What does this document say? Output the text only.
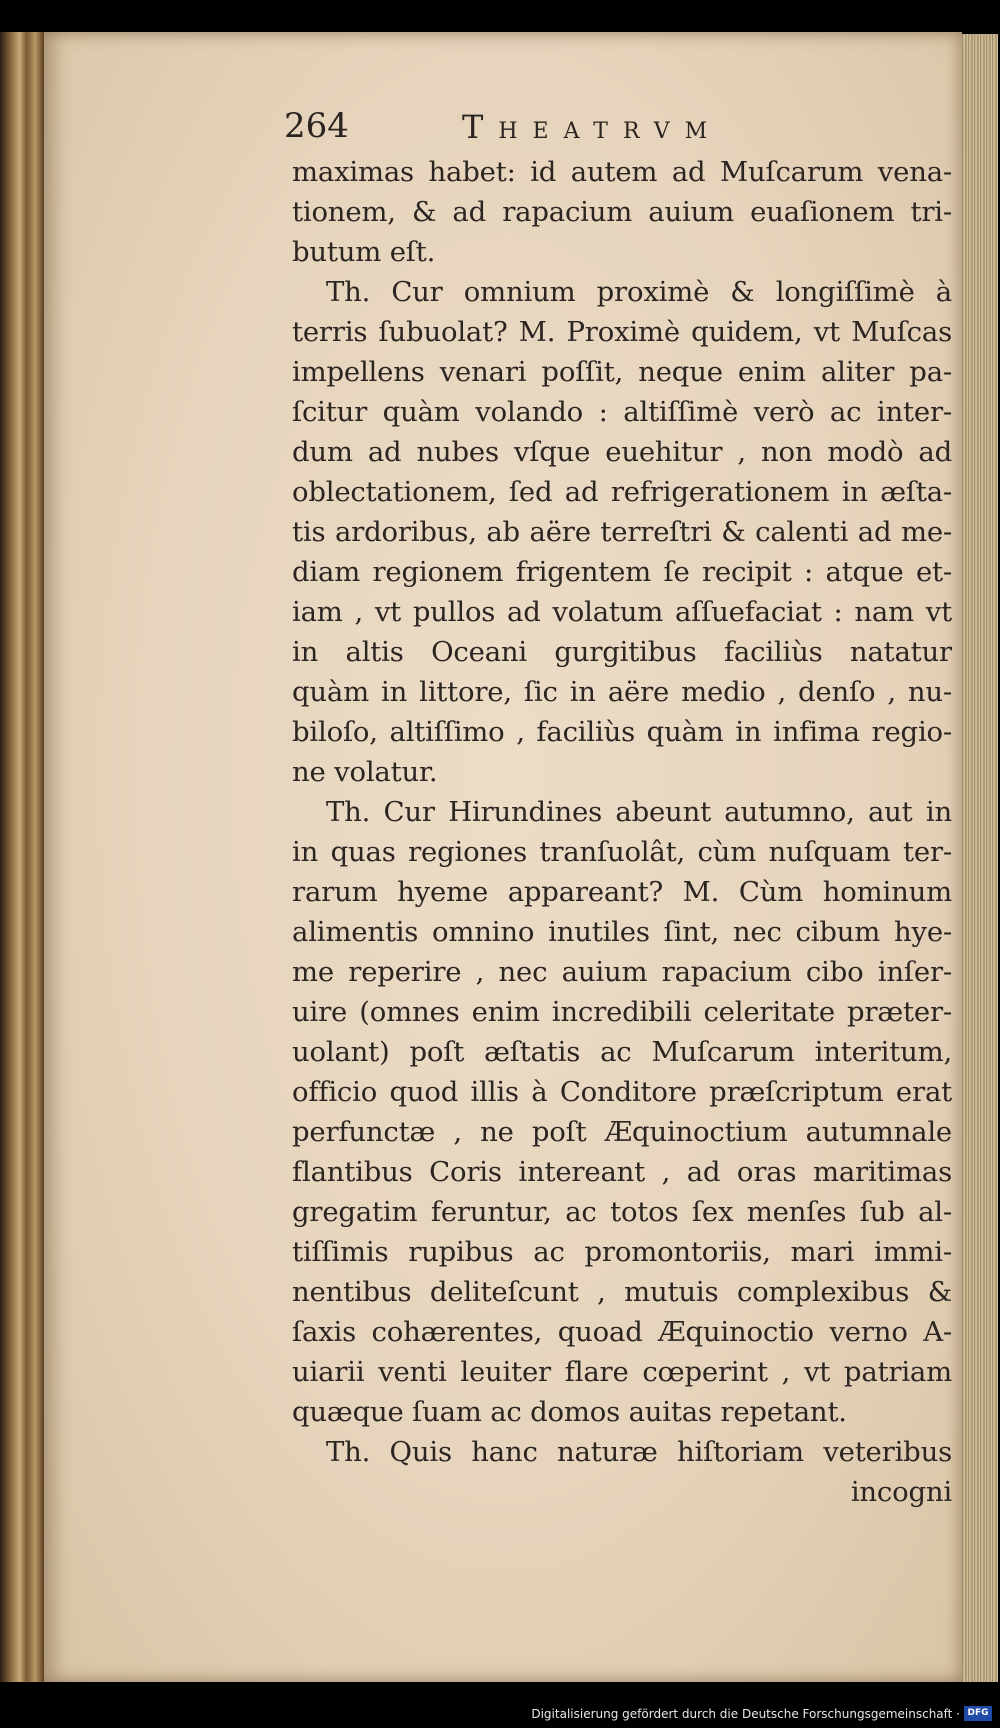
264	Theatrvm
maximas habet: id autem ad Muſcarum vena-
tionem, & ad rapacium auium euaſionem tri-
butum eſt.
Th. Cur omnium proximè & longiſſimè à
terris ſubuolat? M. Proximè quidem, vt Muſcas
impellens venari poſſit, neque enim aliter pa-
ſcitur quàm volando : altiſſimè verò ac inter-
dum ad nubes vſque euehitur , non modò ad
oblectationem, ſed ad refrigerationem in æſta-
tis ardoribus, ab aëre terreſtri & calenti ad me-
diam regionem frigentem ſe recipit : atque et-
iam , vt pullos ad volatum aſſuefaciat : nam vt
in altis Oceani gurgitibus faciliùs natatur
quàm in littore, ſic in aëre medio , denſo , nu-
biloſo, altiſſimo , faciliùs quàm in infima regio-
ne volatur.
Th. Cur Hirundines abeunt autumno, aut in
in quas regiones tranſuolât, cùm nuſquam ter-
rarum hyeme appareant? M. Cùm hominum
alimentis omnino inutiles ſint, nec cibum hye-
me reperire , nec auium rapacium cibo inſer-
uire (omnes enim incredibili celeritate præter-
uolant) poſt æſtatis ac Muſcarum interitum,
officio quod illis à Conditore præſcriptum erat
perfunctæ , ne poſt Æquinoctium autumnale
flantibus Coris intereant , ad oras maritimas
gregatim feruntur, ac totos ſex menſes ſub al-
tiſſimis rupibus ac promontoriis, mari immi-
nentibus deliteſcunt , mutuis complexibus &
ſaxis cohærentes, quoad Æquinoctio verno A-
uiarii venti leuiter flare cœperint , vt patriam
quæque ſuam ac domos auitas repetant.
Th. Quis hanc naturæ hiſtoriam veteribus
incogni
Digitalisierung gefördert durch die Deutsche Forschungsgemeinschaft · DFG
